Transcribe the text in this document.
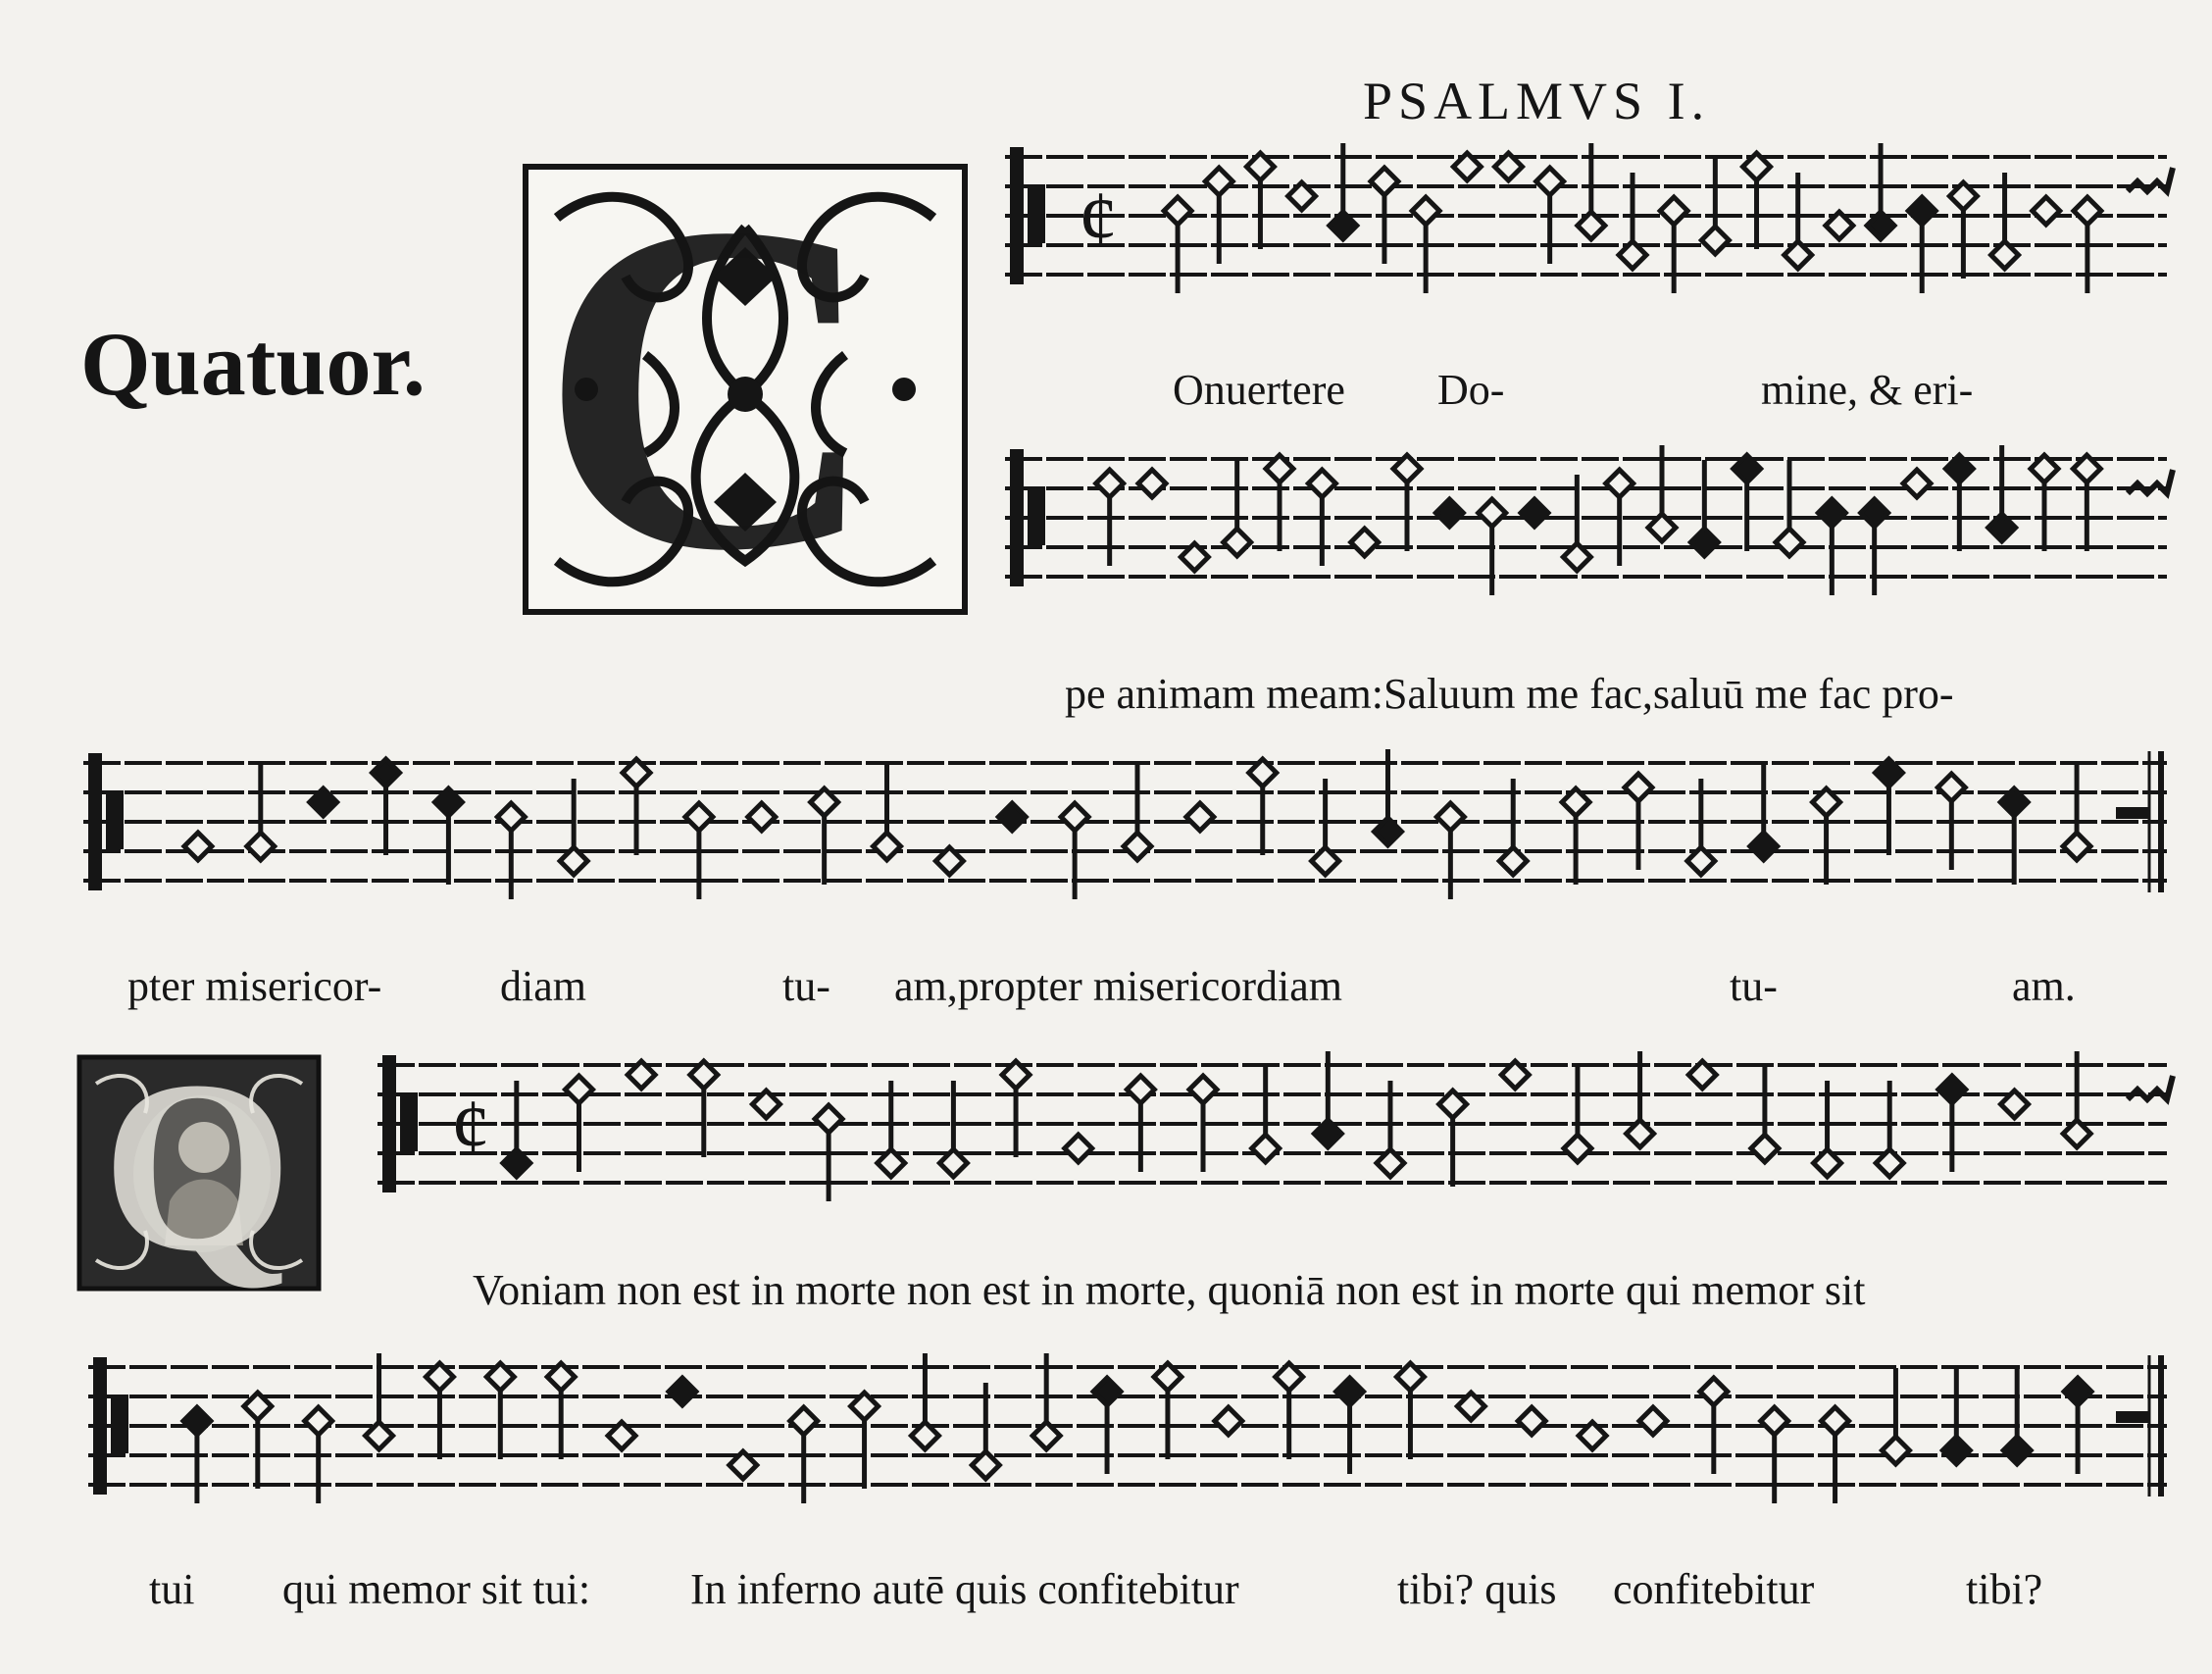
PSALMVS I.
Quatuor. C
Q
¢
¢
Onuertere Do-	mine, & eri-
pe animam meam:Saluum me fac,saluū me fac pro-
pter misericor-	diam	tu- am,propter misericordiam	tu-	am.
Voniam non est in morte non est in morte, quoniā non est in morte qui memor sit
tui qui memor sit tui: In inferno autē quis confitebitur	tibi? quis confitebitur	tibi?
